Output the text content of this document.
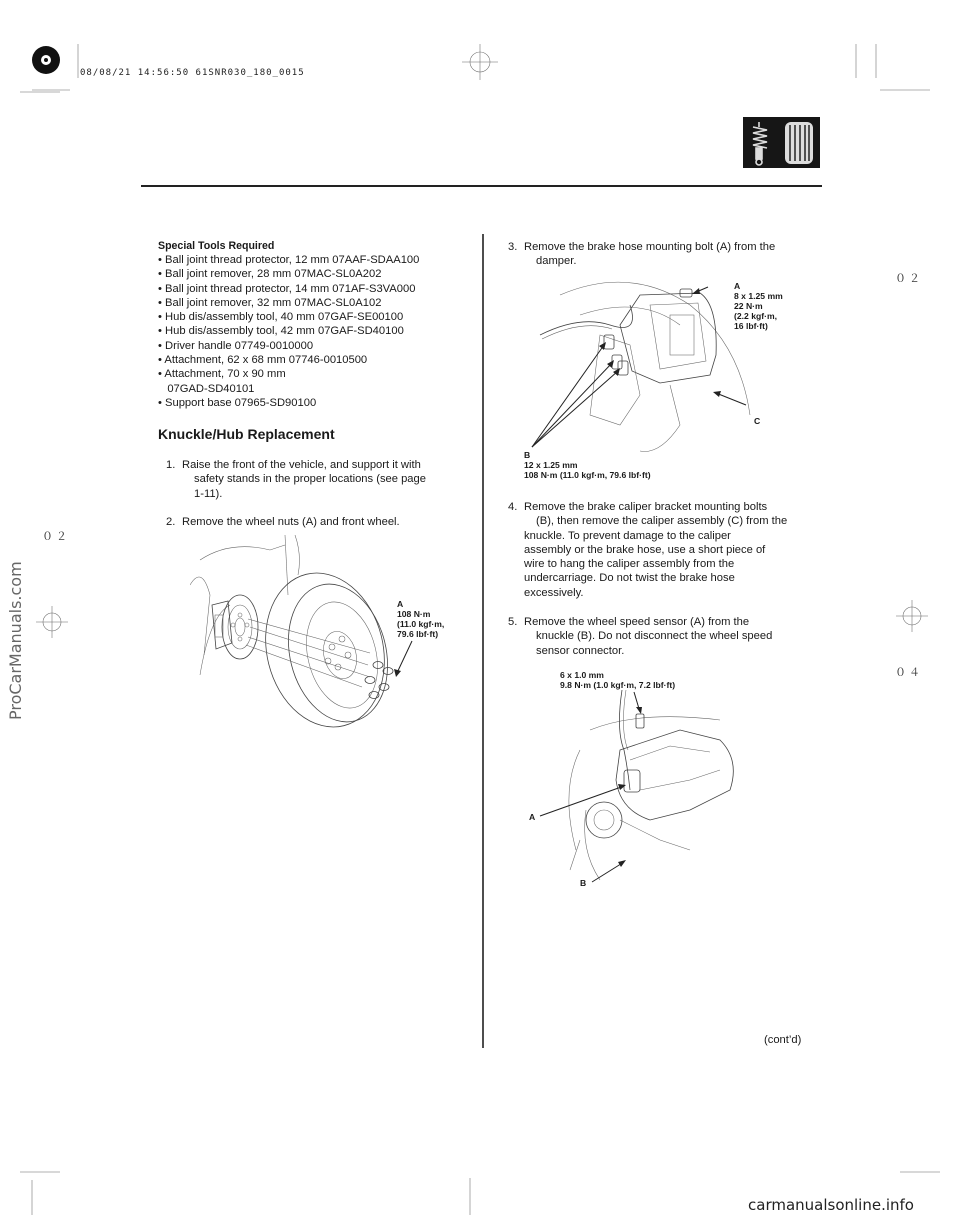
08/08/21 14:56:50 61SNR030_180_0015
ProCarManuals.com
０２
０２
０４
Special Tools Required

• Ball joint thread protector, 12 mm 07AAF-SDAA100

• Ball joint remover, 28 mm 07MAC-SL0A202

• Ball joint thread protector, 14 mm 071AF-S3VA000

• Ball joint remover, 32 mm 07MAC-SL0A102

• Hub dis/assembly tool, 40 mm 07GAF-SE00100

• Hub dis/assembly tool, 42 mm 07GAF-SD40100

• Driver handle 07749-0010000

• Attachment, 62 x 68 mm 07746-0010500

• Attachment, 70 x 90 mm

07GAD-SD40101

• Support base 07965-SD90100

Knuckle/Hub Replacement
1. Raise the front of the vehicle, and support it with
safety stands in the proper locations (see page
1-11).
2. Remove the wheel nuts (A) and front wheel.
A
108 N·m
(11.0 kgf·m,
79.6 lbf·ft)
3. Remove the brake hose mounting bolt (A) from the
damper.
A
8 x 1.25 mm
22 N·m
(2.2 kgf·m,
16 lbf·ft)
C
B
12 x 1.25 mm
108 N·m (11.0 kgf·m, 79.6 lbf·ft)
4. Remove the brake caliper bracket mounting bolts
(B), then remove the caliper assembly (C) from the
knuckle. To prevent damage to the caliper
assembly or the brake hose, use a short piece of
wire to hang the caliper assembly from the
undercarriage. Do not twist the brake hose
excessively.
5. Remove the wheel speed sensor (A) from the
knuckle (B). Do not disconnect the wheel speed
sensor connector.
6 x 1.0 mm
9.8 N·m (1.0 kgf·m, 7.2 lbf·ft)
A
B
(cont’d)
carmanualsonline.info
